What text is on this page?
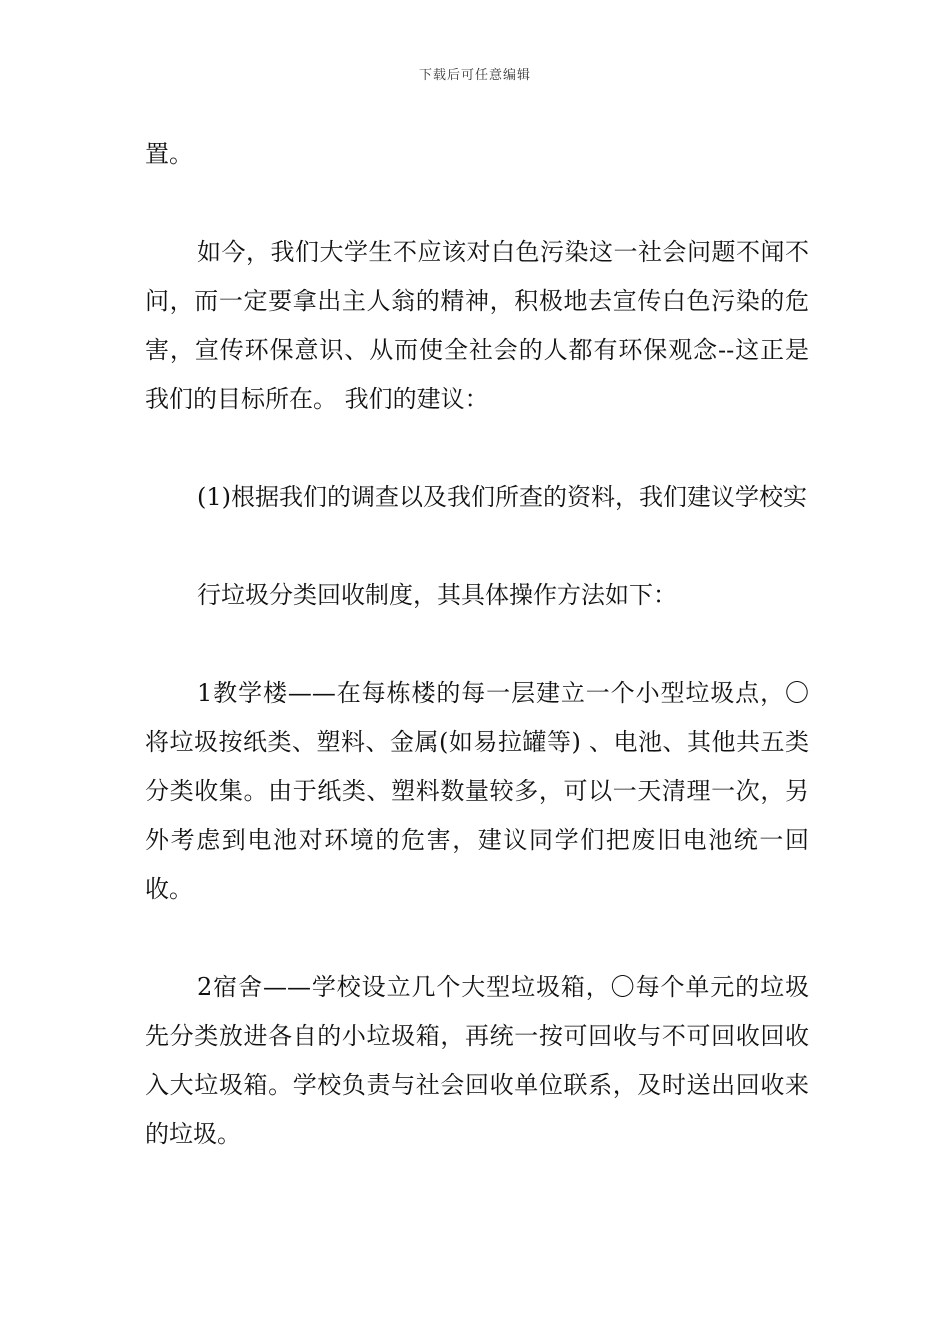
下载后可任意编辑

置。

如今，我们大学生不应该对白色污染这一社会问题不闻不问，而一定要拿出主人翁的精神，积极地去宣传白色污染的危害，宣传环保意识、从而使全社会的人都有环保观念--这正是我们的目标所在。 我们的建议：

(1)根据我们的调查以及我们所查的资料，我们建议学校实

行垃圾分类回收制度，其具体操作方法如下：

1教学楼——在每栋楼的每一层建立一个小型垃圾点，〇将垃圾按纸类、塑料、金属(如易拉罐等) 、电池、其他共五类分类收集。由于纸类、塑料数量较多，可以一天清理一次，另外考虑到电池对环境的危害，建议同学们把废旧电池统一回收。

2宿舍——学校设立几个大型垃圾箱，〇每个单元的垃圾先分类放进各自的小垃圾箱，再统一按可回收与不可回收回收入大垃圾箱。学校负责与社会回收单位联系，及时送出回收来的垃圾。
